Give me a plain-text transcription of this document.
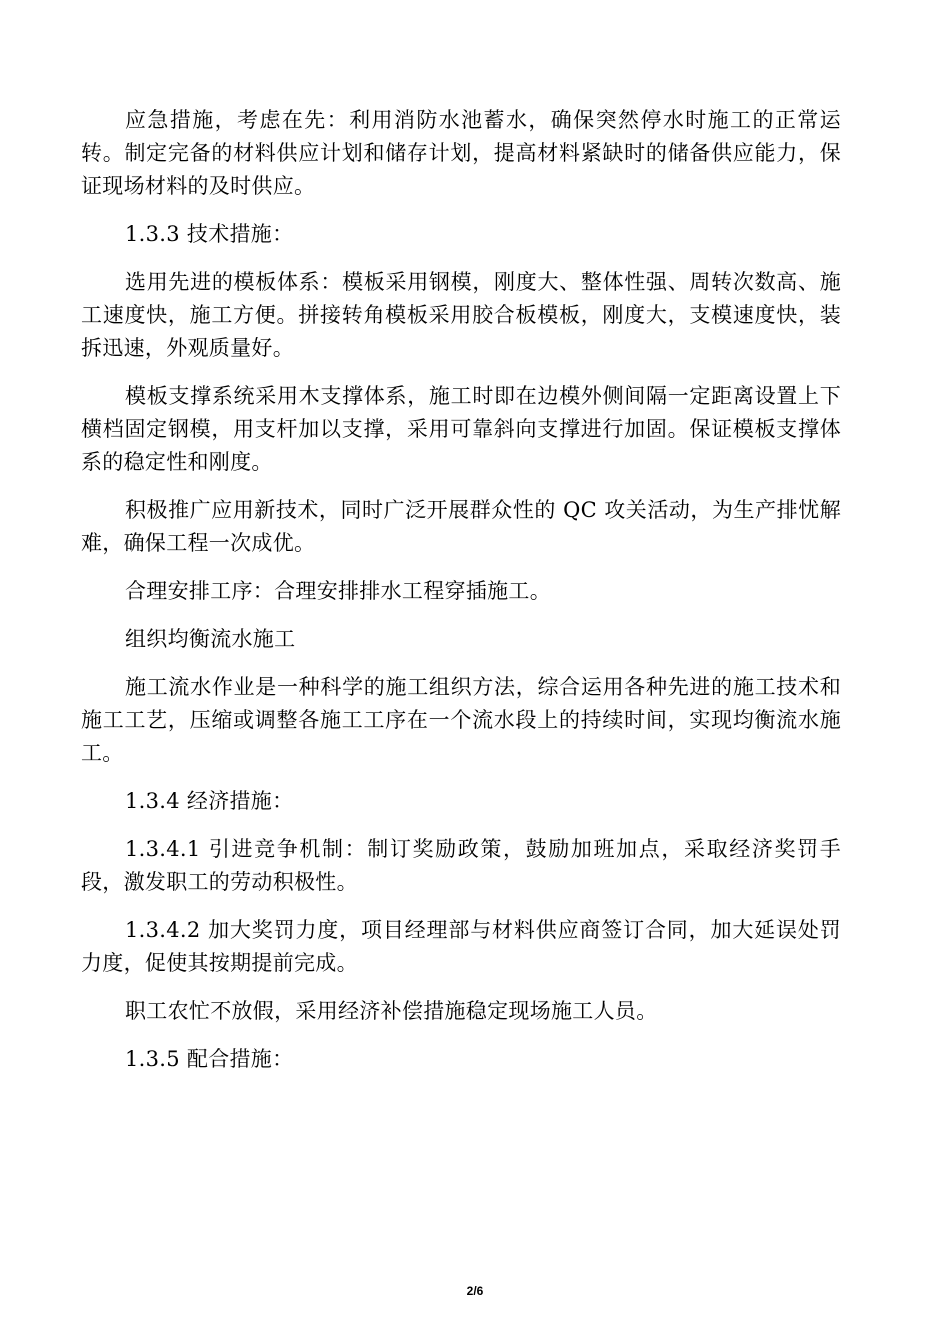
应急措施，考虑在先：利用消防水池蓄水，确保突然停水时施工的正常运转。制定完备的材料供应计划和储存计划，提高材料紧缺时的储备供应能力，保证现场材料的及时供应。

1.3.3 技术措施：

选用先进的模板体系：模板采用钢模，刚度大、整体性强、周转次数高、施工速度快，施工方便。拼接转角模板采用胶合板模板，刚度大，支模速度快，装拆迅速，外观质量好。

模板支撑系统采用木支撑体系，施工时即在边模外侧间隔一定距离设置上下横档固定钢模，用支杆加以支撑，采用可靠斜向支撑进行加固。保证模板支撑体系的稳定性和刚度。

积极推广应用新技术，同时广泛开展群众性的 QC 攻关活动，为生产排忧解难，确保工程一次成优。

合理安排工序：合理安排排水工程穿插施工。

组织均衡流水施工

施工流水作业是一种科学的施工组织方法，综合运用各种先进的施工技术和施工工艺，压缩或调整各施工工序在一个流水段上的持续时间，实现均衡流水施工。

1.3.4 经济措施：

1.3.4.1 引进竞争机制：制订奖励政策，鼓励加班加点，采取经济奖罚手段，激发职工的劳动积极性。

1.3.4.2 加大奖罚力度，项目经理部与材料供应商签订合同，加大延误处罚力度，促使其按期提前完成。

职工农忙不放假，采用经济补偿措施稳定现场施工人员。

1.3.5 配合措施：

2/6
